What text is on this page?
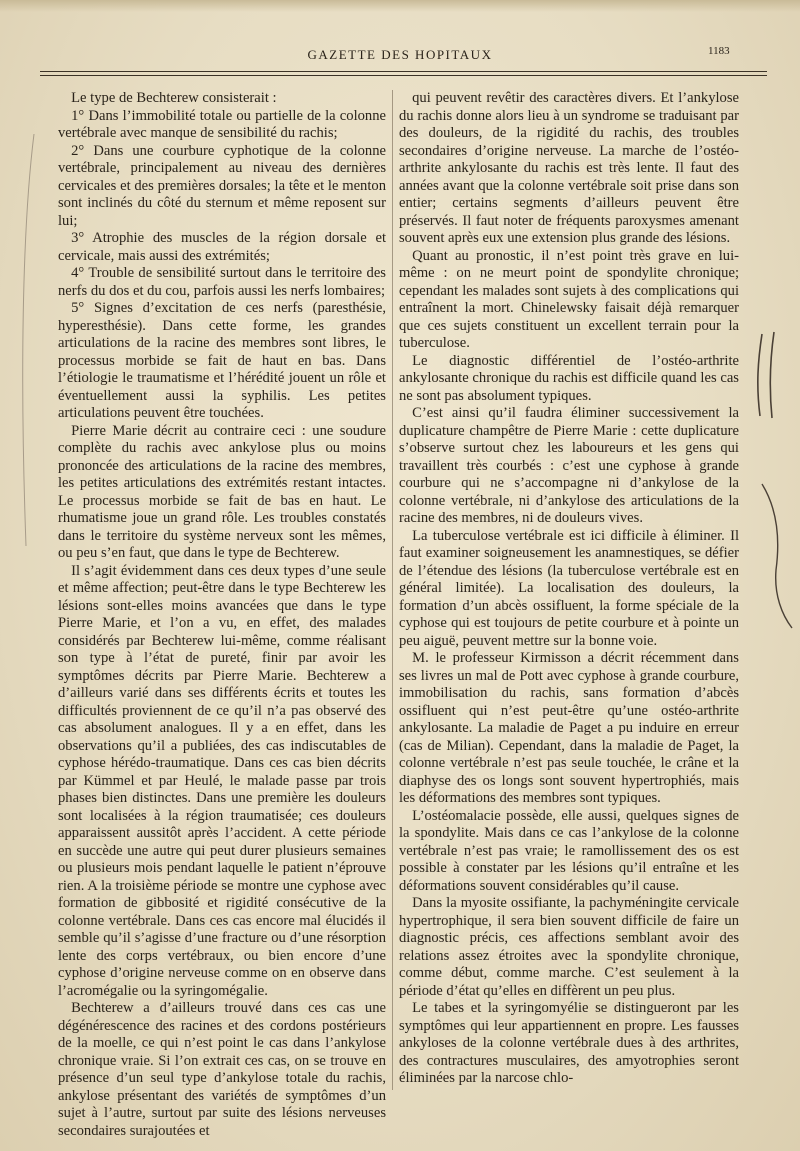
GAZETTE DES HOPITAUX	1183

Le type de Bechterew consisterait :

1° Dans l’immobilité totale ou partielle de la colonne vertébrale avec manque de sensibilité du rachis;

2° Dans une courbure cyphotique de la colonne vertébrale, principalement au niveau des dernières cervicales et des premières dorsales; la tête et le menton sont inclinés du côté du sternum et même reposent sur lui;

3° Atrophie des muscles de la région dorsale et cervicale, mais aussi des extrémités;

4° Trouble de sensibilité surtout dans le territoire des nerfs du dos et du cou, parfois aussi les nerfs lombaires;

5° Signes d’excitation de ces nerfs (paresthésie, hyperesthésie). Dans cette forme, les grandes articulations de la racine des membres sont libres, le processus morbide se fait de haut en bas. Dans l’étiologie le traumatisme et l’hérédité jouent un rôle et éventuellement aussi la syphilis. Les petites articulations peuvent être touchées.

Pierre Marie décrit au contraire ceci : une soudure complète du rachis avec ankylose plus ou moins prononcée des articulations de la racine des membres, les petites articulations des extrémités restant intactes. Le processus morbide se fait de bas en haut. Le rhumatisme joue un grand rôle. Les troubles constatés dans le territoire du système nerveux sont les mêmes, ou peu s’en faut, que dans le type de Bechterew.

Il s’agit évidemment dans ces deux types d’une seule et même affection; peut-être dans le type Bechterew les lésions sont-elles moins avancées que dans le type Pierre Marie, et l’on a vu, en effet, des malades considérés par Bechterew lui-même, comme réalisant son type à l’état de pureté, finir par avoir les symptômes décrits par Pierre Marie. Bechterew a d’ailleurs varié dans ses différents écrits et toutes les difficultés proviennent de ce qu’il n’a pas observé des cas absolument analogues. Il y a en effet, dans les observations qu’il a publiées, des cas indiscutables de cyphose hérédo-traumatique. Dans ces cas bien décrits par Kümmel et par Heulé, le malade passe par trois phases bien distinctes. Dans une première les douleurs sont localisées à la région traumatisée; ces douleurs apparaissent aussitôt après l’accident. A cette période en succède une autre qui peut durer plusieurs semaines ou plusieurs mois pendant laquelle le patient n’éprouve rien. A la troisième période se montre une cyphose avec formation de gibbosité et rigidité consécutive de la colonne vertébrale. Dans ces cas encore mal élucidés il semble qu’il s’agisse d’une fracture ou d’une résorption lente des corps vertébraux, ou bien encore d’une cyphose d’origine nerveuse comme on en observe dans l’acromégalie ou la syringomégalie.

Bechterew a d’ailleurs trouvé dans ces cas une dégénérescence des racines et des cordons postérieurs de la moelle, ce qui n’est point le cas dans l’ankylose chronique vraie. Si l’on extrait ces cas, on se trouve en présence d’un seul type d’ankylose totale du rachis, ankylose présentant des variétés de symptômes d’un sujet à l’autre, surtout par suite des lésions nerveuses secondaires surajoutées et

qui peuvent revêtir des caractères divers. Et l’ankylose du rachis donne alors lieu à un syndrome se traduisant par des douleurs, de la rigidité du rachis, des troubles secondaires d’origine nerveuse. La marche de l’ostéo-arthrite ankylosante du rachis est très lente. Il faut des années avant que la colonne vertébrale soit prise dans son entier; certains segments d’ailleurs peuvent être préservés. Il faut noter de fréquents paroxysmes amenant souvent après eux une extension plus grande des lésions.

Quant au pronostic, il n’est point très grave en lui-même : on ne meurt point de spondylite chronique; cependant les malades sont sujets à des complications qui entraînent la mort. Chinelewsky faisait déjà remarquer que ces sujets constituent un excellent terrain pour la tuberculose.

Le diagnostic différentiel de l’ostéo-arthrite ankylosante chronique du rachis est difficile quand les cas ne sont pas absolument typiques.

C’est ainsi qu’il faudra éliminer successivement la duplicature champêtre de Pierre Marie : cette duplicature s’observe surtout chez les laboureurs et les gens qui travaillent très courbés : c’est une cyphose à grande courbure qui ne s’accompagne ni d’ankylose de la colonne vertébrale, ni d’ankylose des articulations de la racine des membres, ni de douleurs vives.

La tuberculose vertébrale est ici difficile à éliminer. Il faut examiner soigneusement les anamnestiques, se défier de l’étendue des lésions (la tuberculose vertébrale est en général limitée). La localisation des douleurs, la formation d’un abcès ossifluent, la forme spéciale de la cyphose qui est toujours de petite courbure et à pointe un peu aiguë, peuvent mettre sur la bonne voie.

M. le professeur Kirmisson a décrit récemment dans ses livres un mal de Pott avec cyphose à grande courbure, immobilisation du rachis, sans formation d’abcès ossifluent qui n’est peut-être qu’une ostéo-arthrite ankylosante. La maladie de Paget a pu induire en erreur (cas de Milian). Cependant, dans la maladie de Paget, la colonne vertébrale n’est pas seule touchée, le crâne et la diaphyse des os longs sont souvent hypertrophiés, mais les déformations des membres sont typiques.

L’ostéomalacie possède, elle aussi, quelques signes de la spondylite. Mais dans ce cas l’ankylose de la colonne vertébrale n’est pas vraie; le ramollissement des os est possible à constater par les lésions qu’il entraîne et les déformations souvent considérables qu’il cause.

Dans la myosite ossifiante, la pachyméningite cervicale hypertrophique, il sera bien souvent difficile de faire un diagnostic précis, ces affections semblant avoir des relations assez étroites avec la spondylite chronique, comme début, comme marche. C’est seulement à la période d’état qu’elles en diffèrent un peu plus.

Le tabes et la syringomyélie se distingueront par les symptômes qui leur appartiennent en propre. Les fausses ankyloses de la colonne vertébrale dues à des arthrites, des contractures musculaires, des amyotrophies seront éliminées par la narcose chlo-
